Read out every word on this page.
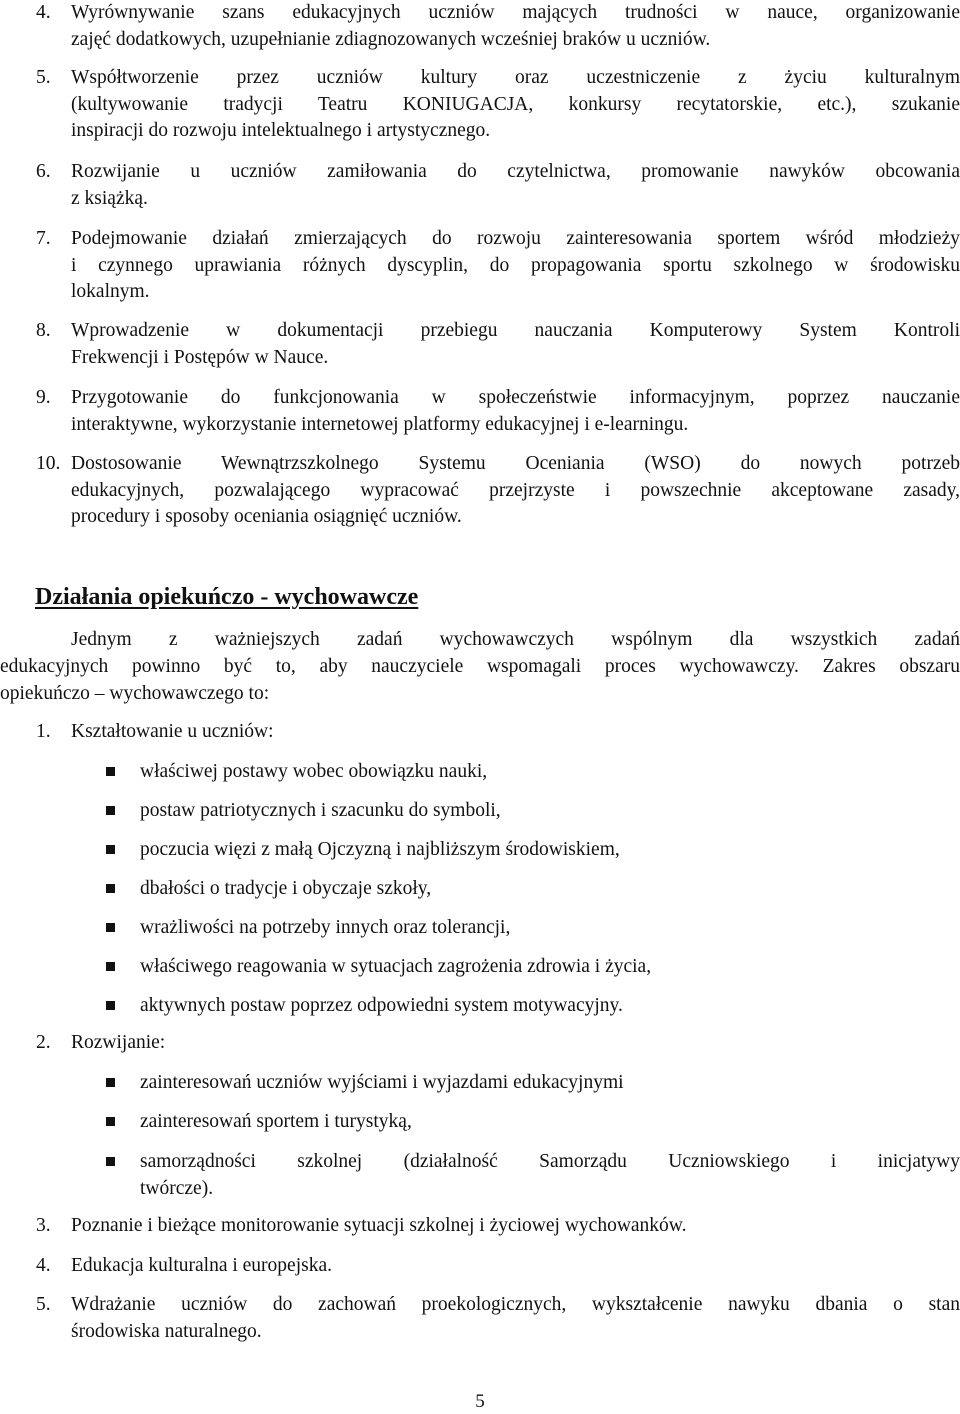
4.	Wyrównywanie szans edukacyjnych uczniów mających trudności w nauce, organizowanie
zajęć dodatkowych, uzupełnianie zdiagnozowanych wcześniej braków u uczniów.
5.	Współtworzenie przez uczniów kultury oraz uczestniczenie z życiu kulturalnym
(kultywowanie tradycji Teatru KONIUGACJA, konkursy recytatorskie, etc.), szukanie
inspiracji do rozwoju intelektualnego i artystycznego.
6.	Rozwijanie u uczniów zamiłowania do czytelnictwa, promowanie nawyków obcowania
z książką.
7.	Podejmowanie działań zmierzających do rozwoju zainteresowania sportem wśród młodzieży
i czynnego uprawiania różnych dyscyplin, do propagowania sportu szkolnego w środowisku
lokalnym.
8.	Wprowadzenie w dokumentacji przebiegu nauczania Komputerowy System Kontroli
Frekwencji i Postępów w Nauce.
9.	Przygotowanie do funkcjonowania w społeczeństwie informacyjnym, poprzez nauczanie
interaktywne, wykorzystanie internetowej platformy edukacyjnej i e-learningu.
10. Dostosowanie Wewnątrzszkolnego Systemu Oceniania (WSO) do nowych potrzeb
edukacyjnych, pozwalającego wypracować przejrzyste i powszechnie akceptowane zasady,
procedury i sposoby oceniania osiągnięć uczniów.
Działania opiekuńczo - wychowawcze
Jednym z ważniejszych zadań wychowawczych wspólnym dla wszystkich zadań
edukacyjnych powinno być to, aby nauczyciele wspomagali proces wychowawczy. Zakres obszaru
opiekuńczo – wychowawczego to:
1.	Kształtowanie u uczniów:
właściwej postawy wobec obowiązku nauki,
postaw patriotycznych i szacunku do symboli,
poczucia więzi z małą Ojczyzną i najbliższym środowiskiem,
dbałości o tradycje i obyczaje szkoły,
wrażliwości na potrzeby innych oraz tolerancji,
właściwego reagowania w sytuacjach zagrożenia zdrowia i życia,
aktywnych postaw poprzez odpowiedni system motywacyjny.
2.	Rozwijanie:
zainteresowań uczniów wyjściami i wyjazdami edukacyjnymi
zainteresowań sportem i turystyką,
samorządności szkolnej (działalność Samorządu Uczniowskiego i inicjatywy
twórcze).
3.	Poznanie i bieżące monitorowanie sytuacji szkolnej i życiowej wychowanków.
4.	Edukacja kulturalna i europejska.
5.	Wdrażanie uczniów do zachowań proekologicznych, wykształcenie nawyku dbania o stan
środowiska naturalnego.
5
